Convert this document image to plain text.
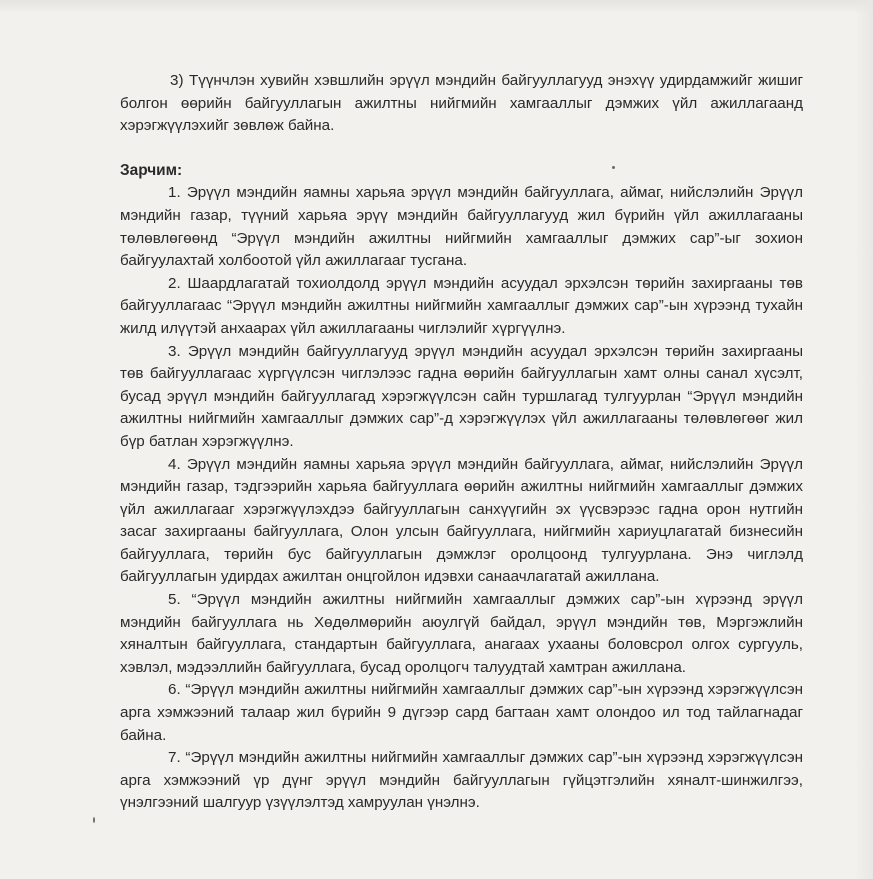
3) Түүнчлэн хувийн хэвшлийн эрүүл мэндийн байгууллагууд энэхүү удирдамжийг жишиг болгон өөрийн байгууллагын ажилтны нийгмийн хамгааллыг дэмжих үйл ажиллагаанд хэрэгжүүлэхийг зөвлөж байна.

Зарчим:

1. Эрүүл мэндийн яамны харьяа эрүүл мэндийн байгууллага, аймаг, нийслэлийн Эрүүл мэндийн газар, түүний харьяа эрүү мэндийн байгууллагууд жил бүрийн үйл ажиллагааны төлөвлөгөөнд “Эрүүл мэндийн ажилтны нийгмийн хамгааллыг дэмжих сар”-ыг зохион байгуулахтай холбоотой үйл ажиллагааг тусгана.

2. Шаардлагатай тохиолдолд эрүүл мэндийн асуудал эрхэлсэн төрийн захиргааны төв байгууллагаас “Эрүүл мэндийн ажилтны нийгмийн хамгааллыг дэмжих сар”-ын хүрээнд тухайн жилд илүүтэй анхаарах үйл ажиллагааны чиглэлийг хүргүүлнэ.

3. Эрүүл мэндийн байгууллагууд эрүүл мэндийн асуудал эрхэлсэн төрийн захиргааны төв байгууллагаас хүргүүлсэн чиглэлээс гадна өөрийн байгууллагын хамт олны санал хүсэлт, бусад эрүүл мэндийн байгууллагад хэрэгжүүлсэн сайн туршлагад тулгуурлан “Эрүүл мэндийн ажилтны нийгмийн хамгааллыг дэмжих сар”-д хэрэгжүүлэх үйл ажиллагааны төлөвлөгөөг жил бүр батлан хэрэгжүүлнэ.

4. Эрүүл мэндийн яамны харьяа эрүүл мэндийн байгууллага, аймаг, нийслэлийн Эрүүл мэндийн газар, тэдгээрийн харьяа байгууллага өөрийн ажилтны нийгмийн хамгааллыг дэмжих үйл ажиллагааг хэрэгжүүлэхдээ байгууллагын санхүүгийн эх үүсвэрээс гадна орон нутгийн засаг захиргааны байгууллага, Олон улсын байгууллага, нийгмийн хариуцлагатай бизнесийн байгууллага, төрийн бус байгууллагын дэмжлэг оролцоонд тулгуурлана. Энэ чиглэлд байгууллагын удирдах ажилтан онцгойлон идэвхи санаачлагатай ажиллана.

5. “Эрүүл мэндийн ажилтны нийгмийн хамгааллыг дэмжих сар”-ын хүрээнд эрүүл мэндийн байгууллага нь Хөдөлмөрийн аюулгүй байдал, эрүүл мэндийн төв, Мэргэжлийн хяналтын байгууллага, стандартын байгууллага, анагаах ухааны боловсрол олгох сургууль, хэвлэл, мэдээллийн байгууллага, бусад оролцогч талуудтай хамтран ажиллана.

6. “Эрүүл мэндийн ажилтны нийгмийн хамгааллыг дэмжих сар”-ын хүрээнд хэрэгжүүлсэн арга хэмжээний талаар жил бүрийн 9 дүгээр сард багтаан хамт олондоо ил тод тайлагнадаг байна.

7. “Эрүүл мэндийн ажилтны нийгмийн хамгааллыг дэмжих сар”-ын хүрээнд хэрэгжүүлсэн арга хэмжээний үр дүнг эрүүл мэндийн байгууллагын гүйцэтгэлийн хяналт-шинжилгээ, үнэлгээний шалгуур үзүүлэлтэд хамруулан үнэлнэ.
